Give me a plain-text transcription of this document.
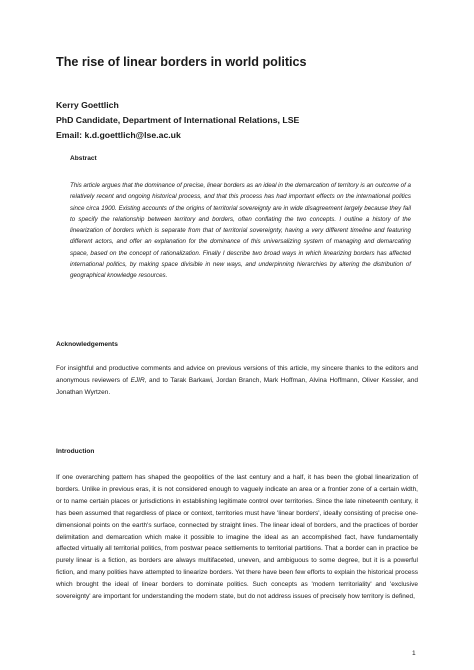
The rise of linear borders in world politics
Kerry Goettlich
PhD Candidate, Department of International Relations, LSE
Email: k.d.goettlich@lse.ac.uk
Abstract

This article argues that the dominance of precise, linear borders as an ideal in the demarcation of territory is an outcome of a relatively recent and ongoing historical process, and that this process has had important effects on the international politics since circa 1900. Existing accounts of the origins of territorial sovereignty are in wide disagreement largely because they fail to specify the relationship between territory and borders, often conflating the two concepts. I outline a history of the linearization of borders which is separate from that of territorial sovereignty, having a very different timeline and featuring different actors, and offer an explanation for the dominance of this universalizing system of managing and demarcating space, based on the concept of rationalization. Finally I describe two broad ways in which linearizing borders has affected international politics, by making space divisible in new ways, and underpinning hierarchies by altering the distribution of geographical knowledge resources.

Acknowledgements

For insightful and productive comments and advice on previous versions of this article, my sincere thanks to the editors and anonymous reviewers of EJIR, and to Tarak Barkawi, Jordan Branch, Mark Hoffman, Alvina Hoffmann, Oliver Kessler, and Jonathan Wyrtzen.

Introduction

If one overarching pattern has shaped the geopolitics of the last century and a half, it has been the global linearization of borders. Unlike in previous eras, it is not considered enough to vaguely indicate an area or a frontier zone of a certain width, or to name certain places or jurisdictions in establishing legitimate control over territories. Since the late nineteenth century, it has been assumed that regardless of place or context, territories must have 'linear borders', ideally consisting of precise one-dimensional points on the earth's surface, connected by straight lines. The linear ideal of borders, and the practices of border delimitation and demarcation which make it possible to imagine the ideal as an accomplished fact, have fundamentally affected virtually all territorial politics, from postwar peace settlements to territorial partitions. That a border can in practice be purely linear is a fiction, as borders are always multifaceted, uneven, and ambiguous to some degree, but it is a powerful fiction, and many polities have attempted to linearize borders. Yet there have been few efforts to explain the historical process which brought the ideal of linear borders to dominate politics. Such concepts as 'modern territoriality' and 'exclusive sovereignty' are important for understanding the modern state, but do not address issues of precisely how territory is defined,

1
